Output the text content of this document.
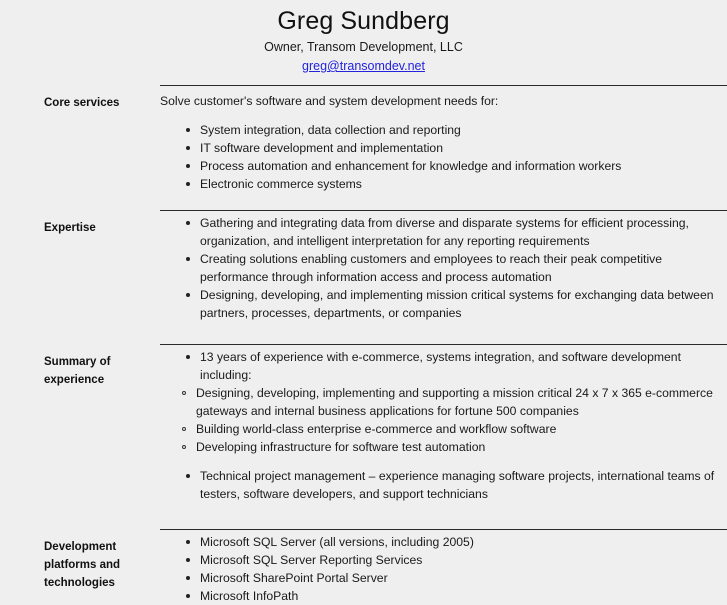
Greg Sundberg
Owner, Transom Development, LLC
greg@transomdev.net
Core services	Solve customer's software and system development needs for:

System integration, data collection and reporting
IT software development and implementation
Process automation and enhancement for knowledge and information workers
Electronic commerce systems
Expertise	Gathering and integrating data from diverse and disparate systems for efficient processing, organization, and intelligent interpretation for any reporting requirements
Creating solutions enabling customers and employees to reach their peak competitive performance through information access and process automation
Designing, developing, and implementing mission critical systems for exchanging data between partners, processes, departments, or companies
Summary of
experience
13 years of experience with e-commerce, systems integration, and software development including:
Designing, developing, implementing and supporting a mission critical 24 x 7 x 365 e-commerce gateways and internal business applications for fortune 500 companies
Building world-class enterprise e-commerce and workflow software
Developing infrastructure for software test automation
Technical project management – experience managing software projects, international teams of testers, software developers, and support technicians
Development
platforms and
technologies
Microsoft SQL Server (all versions, including 2005)
Microsoft SQL Server Reporting Services
Microsoft SharePoint Portal Server
Microsoft InfoPath
